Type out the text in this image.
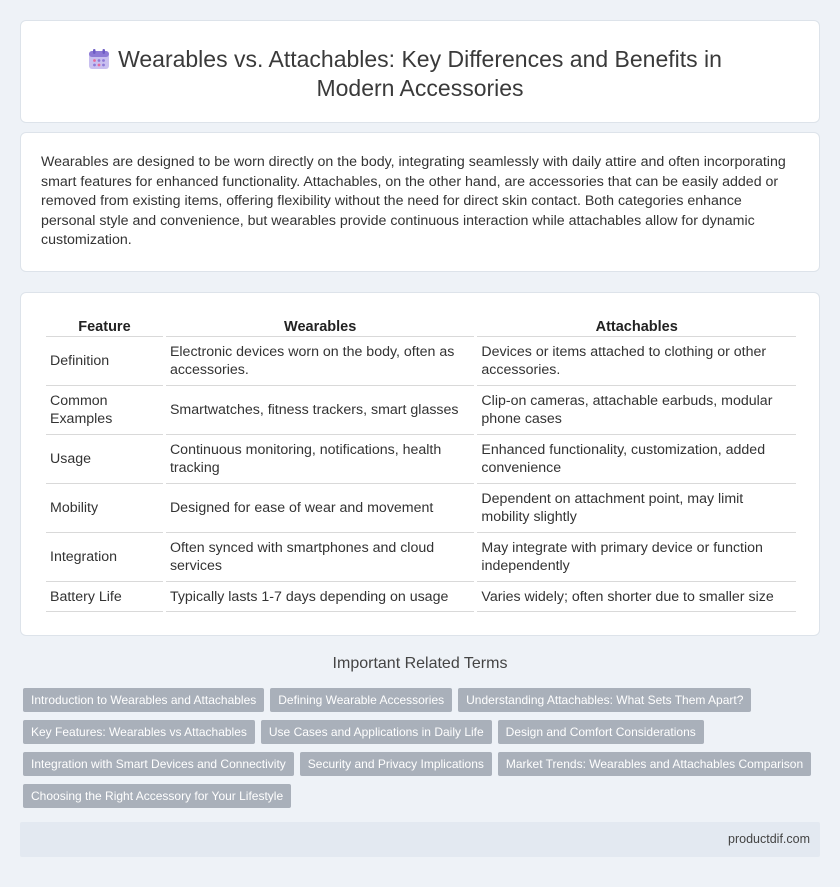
Wearables vs. Attachables: Key Differences and Benefits in Modern Accessories

Wearables are designed to be worn directly on the body, integrating seamlessly with daily attire and often incorporating smart features for enhanced functionality. Attachables, on the other hand, are accessories that can be easily added or removed from existing items, offering flexibility without the need for direct skin contact. Both categories enhance personal style and convenience, but wearables provide continuous interaction while attachables allow for dynamic customization.

Feature	Wearables	Attachables
Definition	Electronic devices worn on the body, often as accessories.	Devices or items attached to clothing or other accessories.
Common Examples	Smartwatches, fitness trackers, smart glasses	Clip-on cameras, attachable earbuds, modular phone cases
Usage	Continuous monitoring, notifications, health tracking	Enhanced functionality, customization, added convenience
Mobility	Designed for ease of wear and movement	Dependent on attachment point, may limit mobility slightly
Integration	Often synced with smartphones and cloud services	May integrate with primary device or function independently
Battery Life	Typically lasts 1-7 days depending on usage	Varies widely; often shorter due to smaller size
Important Related Terms
Introduction to Wearables and Attachables Defining Wearable Accessories Understanding Attachables: What Sets Them Apart?
Key Features: Wearables vs Attachables Use Cases and Applications in Daily Life Design and Comfort Considerations
Integration with Smart Devices and Connectivity Security and Privacy Implications Market Trends: Wearables and Attachables Comparison
Choosing the Right Accessory for Your Lifestyle
productdif.com
